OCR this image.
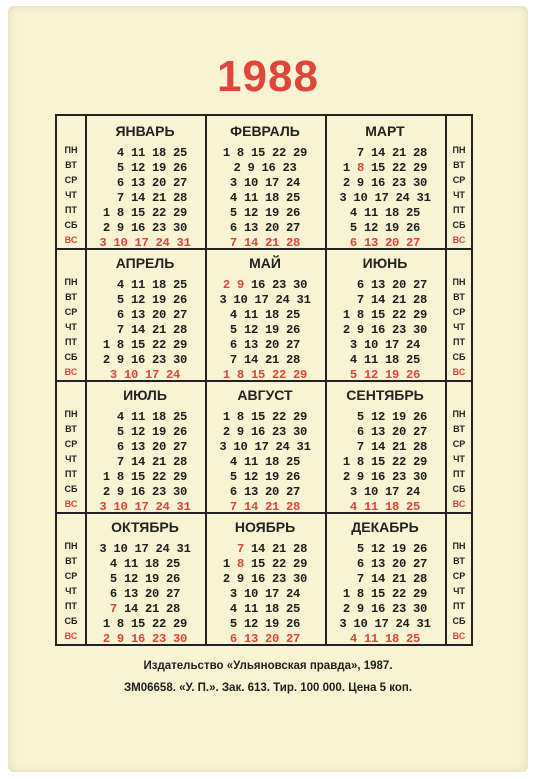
1988
ПН
ВТ
СР
ЧТ
ПТ
СБ
ВС
ПН
ВТ
СР
ЧТ
ПТ
СБ
ВС
ЯНВАРЬ
4 11 18 25
5 12 19 26
6 13 20 27
7 14 21 28
1 8 15 22 29
2 9 16 23 30
3 10 17 24 31
ФЕВРАЛЬ
1 8 15 22 29
2 9 16 23
3 10 17 24
4 11 18 25
5 12 19 26
6 13 20 27
7 14 21 28
МАРТ
7 14 21 28
1 8 15 22 29
2 9 16 23 30
3 10 17 24 31
4 11 18 25
5 12 19 26
6 13 20 27
ПН
ВТ
СР
ЧТ
ПТ
СБ
ВС
ПН
ВТ
СР
ЧТ
ПТ
СБ
ВС
АПРЕЛЬ
4 11 18 25
5 12 19 26
6 13 20 27
7 14 21 28
1 8 15 22 29
2 9 16 23 30
3 10 17 24
МАЙ
2 9 16 23 30
3 10 17 24 31
4 11 18 25
5 12 19 26
6 13 20 27
7 14 21 28
1 8 15 22 29
ИЮНЬ
6 13 20 27
7 14 21 28
1 8 15 22 29
2 9 16 23 30
3 10 17 24
4 11 18 25
5 12 19 26
ПН
ВТ
СР
ЧТ
ПТ
СБ
ВС
ПН
ВТ
СР
ЧТ
ПТ
СБ
ВС
ИЮЛЬ
4 11 18 25
5 12 19 26
6 13 20 27
7 14 21 28
1 8 15 22 29
2 9 16 23 30
3 10 17 24 31
АВГУСТ
1 8 15 22 29
2 9 16 23 30
3 10 17 24 31
4 11 18 25
5 12 19 26
6 13 20 27
7 14 21 28
СЕНТЯБРЬ
5 12 19 26
6 13 20 27
7 14 21 28
1 8 15 22 29
2 9 16 23 30
3 10 17 24
4 11 18 25
ПН
ВТ
СР
ЧТ
ПТ
СБ
ВС
ПН
ВТ
СР
ЧТ
ПТ
СБ
ВС
ОКТЯБРЬ
3 10 17 24 31
4 11 18 25
5 12 19 26
6 13 20 27
7 14 21 28
1 8 15 22 29
2 9 16 23 30
НОЯБРЬ
7 14 21 28
1 8 15 22 29
2 9 16 23 30
3 10 17 24
4 11 18 25
5 12 19 26
6 13 20 27
ДЕКАБРЬ
5 12 19 26
6 13 20 27
7 14 21 28
1 8 15 22 29
2 9 16 23 30
3 10 17 24 31
4 11 18 25
Издательство «Ульяновская правда», 1987.
ЗМ06658. «У. П.». Зак. 613. Тир. 100 000. Цена 5 коп.
